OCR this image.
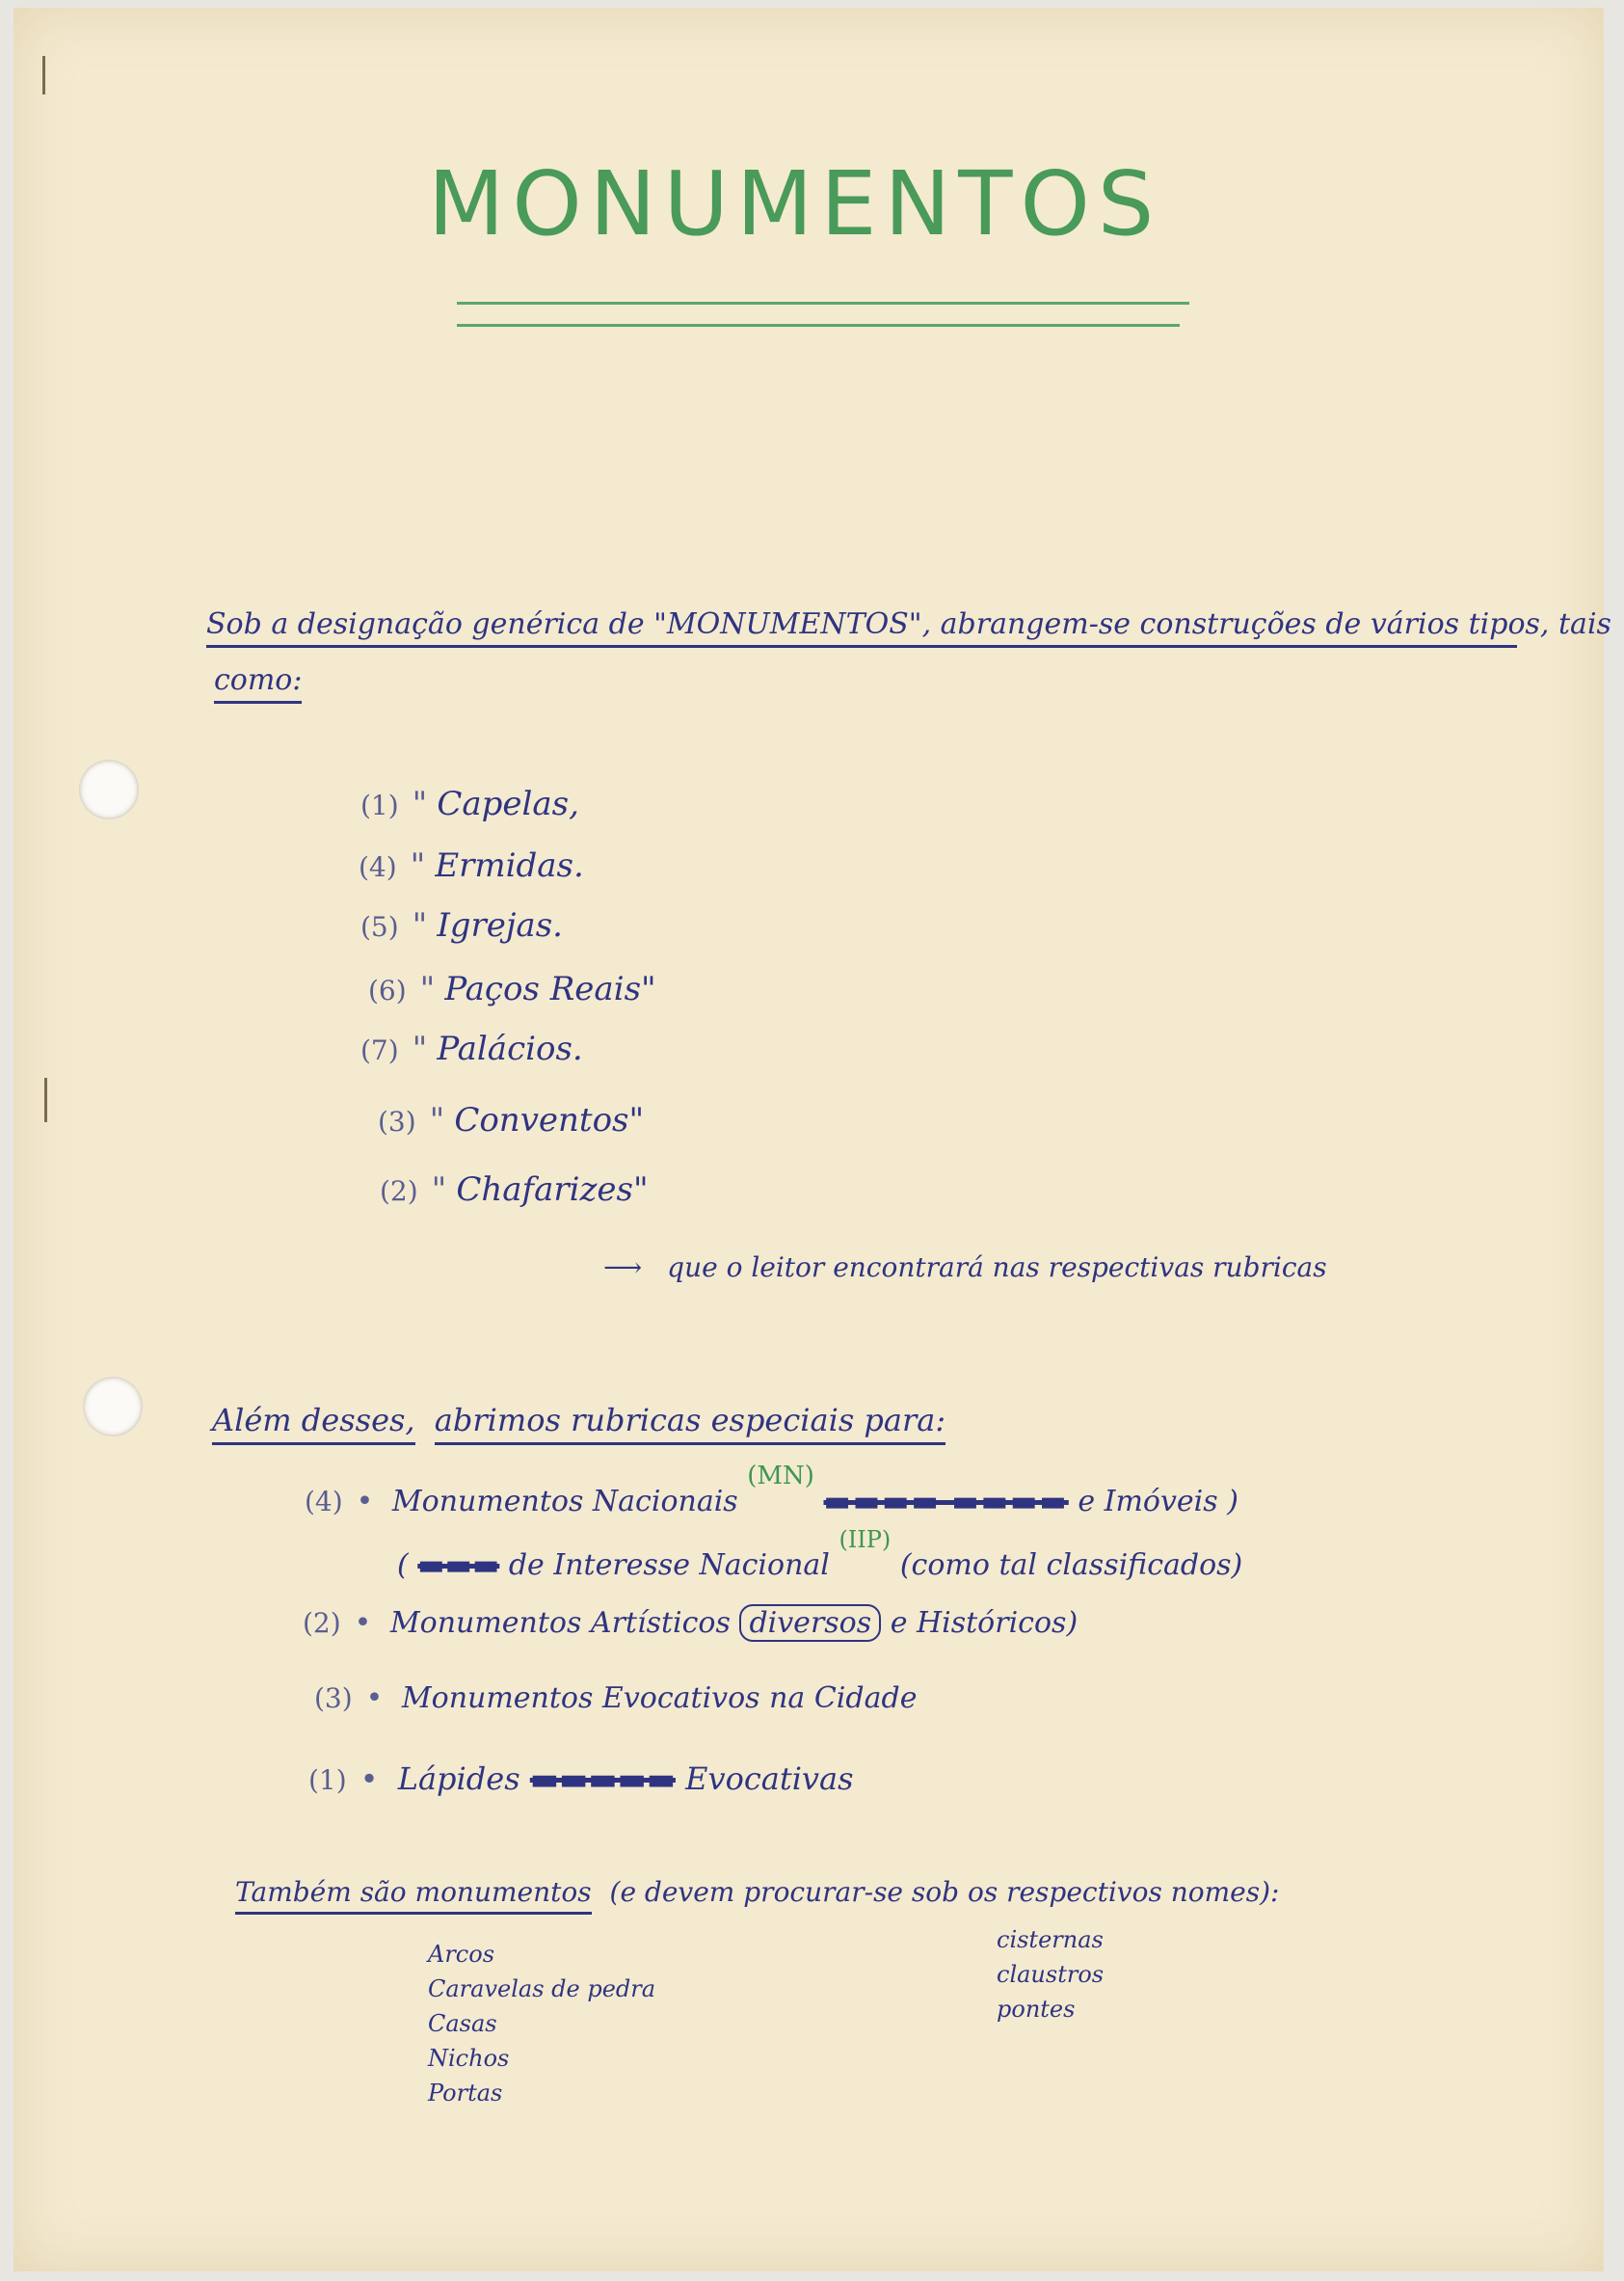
MONUMENTOS
Sob a designação genérica de "MONUMENTOS", abrangem-se construções de vários tipos, tais
como:
(1) " Capelas,
(4) " Ermidas.
(5) " Igrejas.
(6) " Paços Reais"
(7) " Palácios.
(3) " Conventos"
(2) " Chafarizes"
⟶ que o leitor encontrará nas respectivas rubricas
Além desses, abrimos rubricas especiais para:
(4) • Monumentos Nacionais (MN) ▬▬▬▬ ▬▬▬▬ e Imóveis )
( ▬▬▬ de Interesse Nacional $^{(IIP)}$ (como tal classificados)
(2) • Monumentos Artísticos diversos e Históricos)
(3) • Monumentos Evocativos na Cidade
(1) • Lápides ▬▬▬▬▬ Evocativas
Também são monumentos (e devem procurar-se sob os respectivos nomes):
Arcos
Caravelas de pedra
Casas
Nichos
Portas
cisternas
claustros
pontes
